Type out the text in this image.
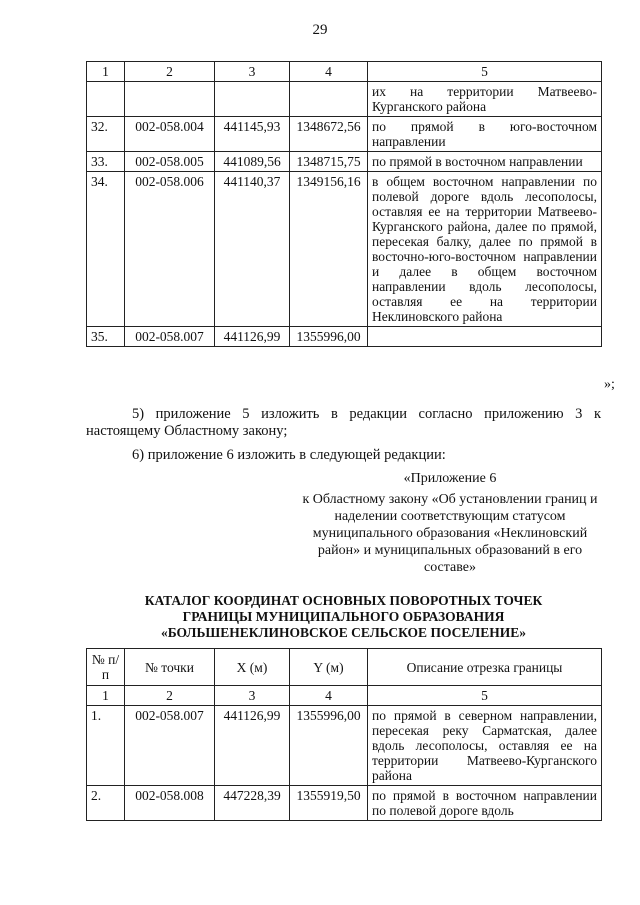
29
1	2	3	4	5
				их на территории Матвеево-Курганского района
32.	002-058.004	441145,93	1348672,56	по прямой в юго-восточном направлении
33.	002-058.005	441089,56	1348715,75	по прямой в восточном направлении
34.	002-058.006	441140,37	1349156,16	в общем восточном направлении по полевой дороге вдоль лесополосы, оставляя ее на территории Матвеево-Курганского района, далее по прямой, пересекая балку, далее по прямой в восточно-юго-восточном направлении и далее в общем восточном направлении вдоль лесополосы, оставляя ее на территории Неклиновского района
35.	002-058.007	441126,99	1355996,00	
»;
5) приложение 5 изложить в редакции согласно приложению 3 к настоящему Областному закону;
6) приложение 6 изложить в следующей редакции:
«Приложение 6
к Областному закону «Об установлении границ и наделении соответствующим статусом муниципального образования «Неклиновский район» и муниципальных образований в его составе»
КАТАЛОГ КООРДИНАТ ОСНОВНЫХ ПОВОРОТНЫХ ТОЧЕК
ГРАНИЦЫ МУНИЦИПАЛЬНОГО ОБРАЗОВАНИЯ
«БОЛЬШЕНЕКЛИНОВСКОЕ СЕЛЬСКОЕ ПОСЕЛЕНИЕ»
№ п/п	№ точки	X (м)	Y (м)	Описание отрезка границы
1	2	3	4	5
1.	002-058.007	441126,99	1355996,00	по прямой в северном направлении, пересекая реку Сарматская, далее вдоль лесополосы, оставляя ее на территории Матвеево-Курганского района
2.	002-058.008	447228,39	1355919,50	по прямой в восточном направлении по полевой дороге вдоль
